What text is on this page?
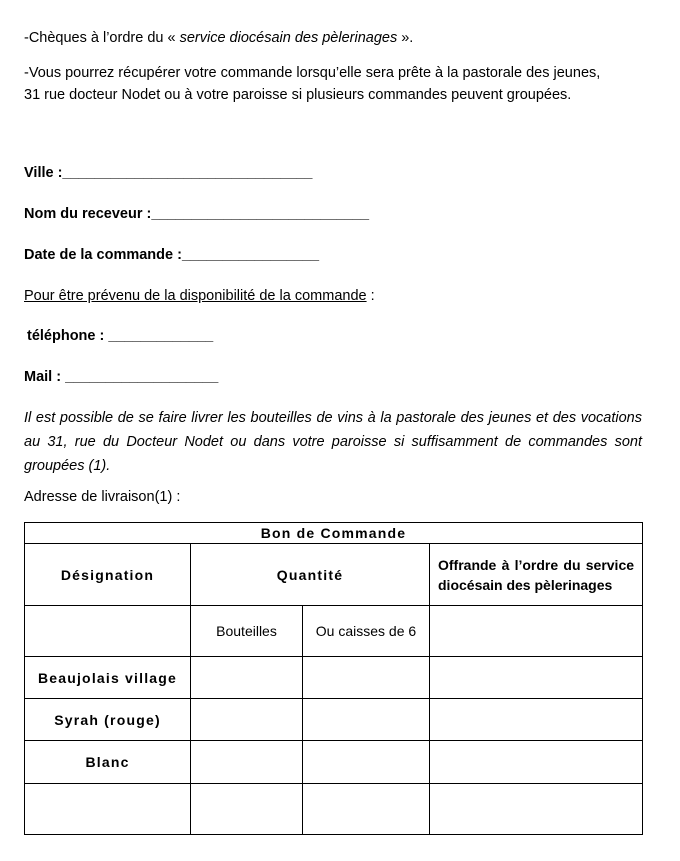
-Chèques à l’ordre du « service diocésain des pèlerinages ».
-Vous pourrez récupérer votre commande lorsqu’elle sera prête à la pastorale des jeunes,
31 rue docteur Nodet ou à votre paroisse si plusieurs commandes peuvent groupées.
Ville :_______________________________
Nom du receveur :___________________________
Date de la commande :_________________
Pour être prévenu de la disponibilité de la commande :
téléphone : _____________
Mail : ___________________
Il est possible de se faire livrer les bouteilles de vins à la pastorale des jeunes et des vocations au 31, rue du Docteur Nodet ou dans votre paroisse si suffisamment de commandes sont groupées (1).
Adresse de livraison(1) :
Bon de Commande			
Désignation	Quantité		Offrande à l’ordre du service diocésain des pèlerinages
	Bouteilles	Ou caisses de 6	
Beaujolais village			
Syrah (rouge)			
Blanc			
